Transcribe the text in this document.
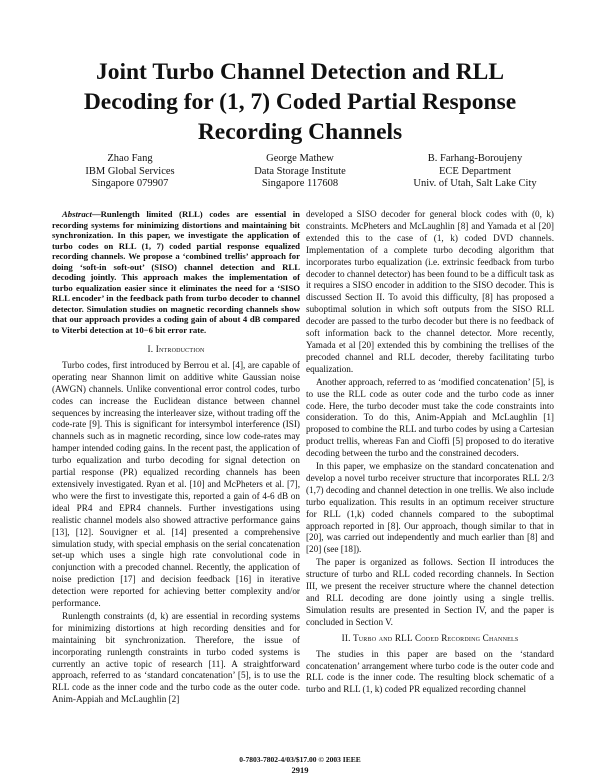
Joint Turbo Channel Detection and RLL
Decoding for (1, 7) Coded Partial Response
Recording Channels
Zhao Fang
IBM Global Services
Singapore 079907
George Mathew
Data Storage Institute
Singapore 117608
B. Farhang-Boroujeny
ECE Department
Univ. of Utah, Salt Lake City

Abstract—Runlength limited (RLL) codes are essential in recording systems for minimizing distortions and maintaining bit synchronization. In this paper, we investigate the application of turbo codes on RLL (1, 7) coded partial response equalized recording channels. We propose a ‘combined trellis’ approach for doing ‘soft-in soft-out’ (SISO) channel detection and RLL decoding jointly. This approach makes the implementation of turbo equalization easier since it eliminates the need for a ‘SISO RLL encoder’ in the feedback path from turbo decoder to channel detector. Simulation studies on magnetic recording channels show that our approach provides a coding gain of about 4 dB compared to Viterbi detection at 10−6 bit error rate.

I. Introduction

Turbo codes, first introduced by Berrou et al. [4], are capable of operating near Shannon limit on additive white Gaussian noise (AWGN) channels. Unlike conventional error control codes, turbo codes can increase the Euclidean distance between channel sequences by increasing the interleaver size, without trading off the code-rate [9]. This is significant for intersymbol interference (ISI) channels such as in magnetic recording, since low code-rates may hamper intended coding gains. In the recent past, the application of turbo equalization and turbo decoding for signal detection on partial response (PR) equalized recording channels has been extensively investigated. Ryan et al. [10] and McPheters et al. [7], who were the first to investigate this, reported a gain of 4-6 dB on ideal PR4 and EPR4 channels. Further investigations using realistic channel models also showed attractive performance gains [13], [12]. Souvigner et al. [14] presented a comprehensive simulation study, with special emphasis on the serial concatenation set-up which uses a single high rate convolutional code in conjunction with a precoded channel. Recently, the application of noise prediction [17] and decision feedback [16] in iterative detection were reported for achieving better complexity and/or performance.

Runlength constraints (d, k) are essential in recording systems for minimizing distortions at high recording densities and for maintaining bit synchronization. Therefore, the issue of incorporating runlength constraints in turbo coded systems is currently an active topic of research [11]. A straightforward approach, referred to as ‘standard concatenation’ [5], is to use the RLL code as the inner code and the turbo code as the outer code. Anim-Appiah and McLaughlin [2]

developed a SISO decoder for general block codes with (0, k) constraints. McPheters and McLaughlin [8] and Yamada et al [20] extended this to the case of (1, k) coded DVD channels. Implementation of a complete turbo decoding algorithm that incorporates turbo equalization (i.e. extrinsic feedback from turbo decoder to channel detector) has been found to be a difficult task as it requires a SISO encoder in addition to the SISO decoder. This is discussed Section II. To avoid this difficulty, [8] has proposed a suboptimal solution in which soft outputs from the SISO RLL decoder are passed to the turbo decoder but there is no feedback of soft information back to the channel detector. More recently, Yamada et al [20] extended this by combining the trellises of the precoded channel and RLL decoder, thereby facilitating turbo equalization.

Another approach, referred to as ‘modified concatenation’ [5], is to use the RLL code as outer code and the turbo code as inner code. Here, the turbo decoder must take the code constraints into consideration. To do this, Anim-Appiah and McLaughlin [1] proposed to combine the RLL and turbo codes by using a Cartesian product trellis, whereas Fan and Cioffi [5] proposed to do iterative decoding between the turbo and the constrained decoders.

In this paper, we emphasize on the standard concatenation and develop a novel turbo receiver structure that incorporates RLL 2/3 (1,7) decoding and channel detection in one trellis. We also include turbo equalization. This results in an optimum receiver structure for RLL (1,k) coded channels compared to the suboptimal approach reported in [8]. Our approach, though similar to that in [20], was carried out independently and much earlier than [8] and [20] (see [18]).

The paper is organized as follows. Section II introduces the structure of turbo and RLL coded recording channels. In Section III, we present the receiver structure where the channel detection and RLL decoding are done jointly using a single trellis. Simulation results are presented in Section IV, and the paper is concluded in Section V.

II. Turbo and RLL Coded Recording Channels

The studies in this paper are based on the ‘standard concatenation’ arrangement where turbo code is the outer code and RLL code is the inner code. The resulting block schematic of a turbo and RLL (1, k) coded PR equalized recording channel

0-7803-7802-4/03/$17.00 © 2003 IEEE
2919
